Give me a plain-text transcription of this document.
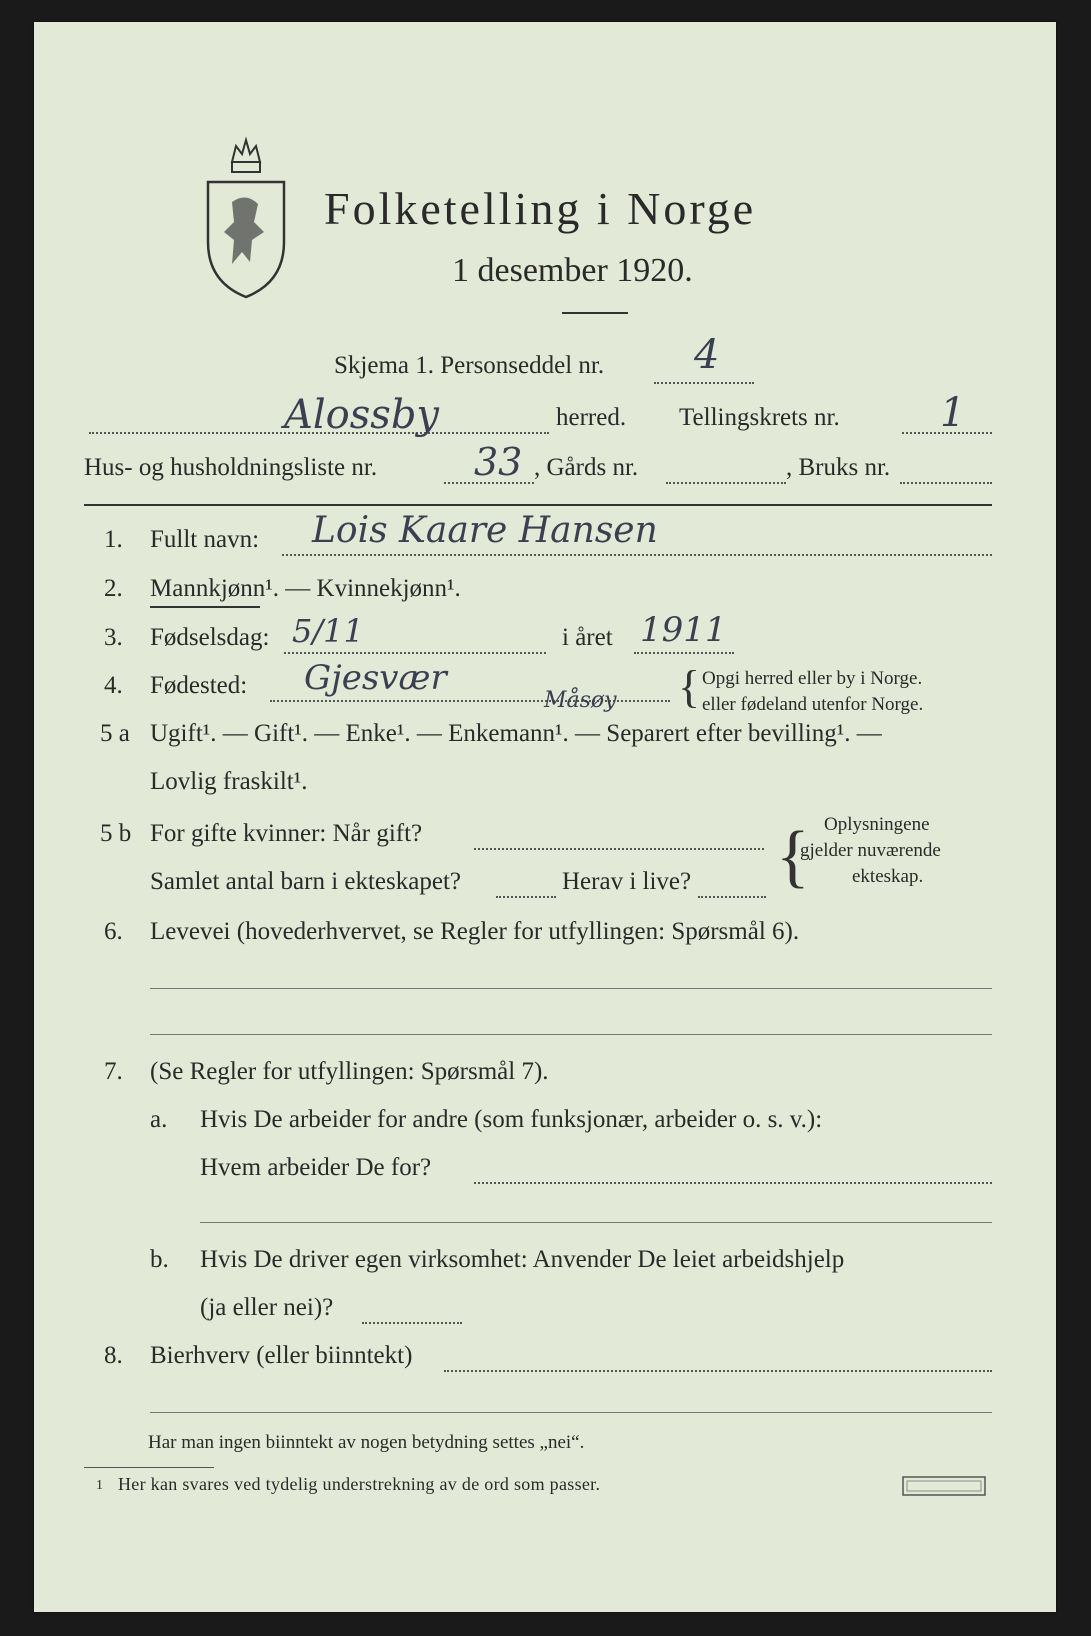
Folketelling i Norge
1 desember 1920.
Skjema 1. Personseddel nr. 4
Alossby	herred. Tellingskrets nr.	1
Hus- og husholdningsliste nr.	33 , Gårds nr.	, Bruks nr.
1. Fullt navn: Lois Kaare Hansen
2. Mannkjønn¹. — Kvinnekjønn¹.
3. Fødselsdag: 5/11	i året 1911
4. Fødested: Gjesvær
Måsøy { Opgi herred eller by i Norge.
eller fødeland utenfor Norge.
5 a Ugift¹. — Gift¹. — Enke¹. — Enkemann¹. — Separert efter bevilling¹. —
Lovlig fraskilt¹.
5 b For gifte kvinner: Når gift?
Samlet antal barn i ekteskapet?	Herav i live? { Oplysningene
gjelder nuværende
ekteskap.
6. Levevei (hovederhvervet, se Regler for utfyllingen: Spørsmål 6).
7. (Se Regler for utfyllingen: Spørsmål 7).
a. Hvis De arbeider for andre (som funksjonær, arbeider o. s. v.):
Hvem arbeider De for?
b. Hvis De driver egen virksomhet: Anvender De leiet arbeidshjelp
(ja eller nei)?
8. Bierhverv (eller biinntekt)
Har man ingen biinntekt av nogen betydning settes „nei“.
1 Her kan svares ved tydelig understrekning av de ord som passer.
